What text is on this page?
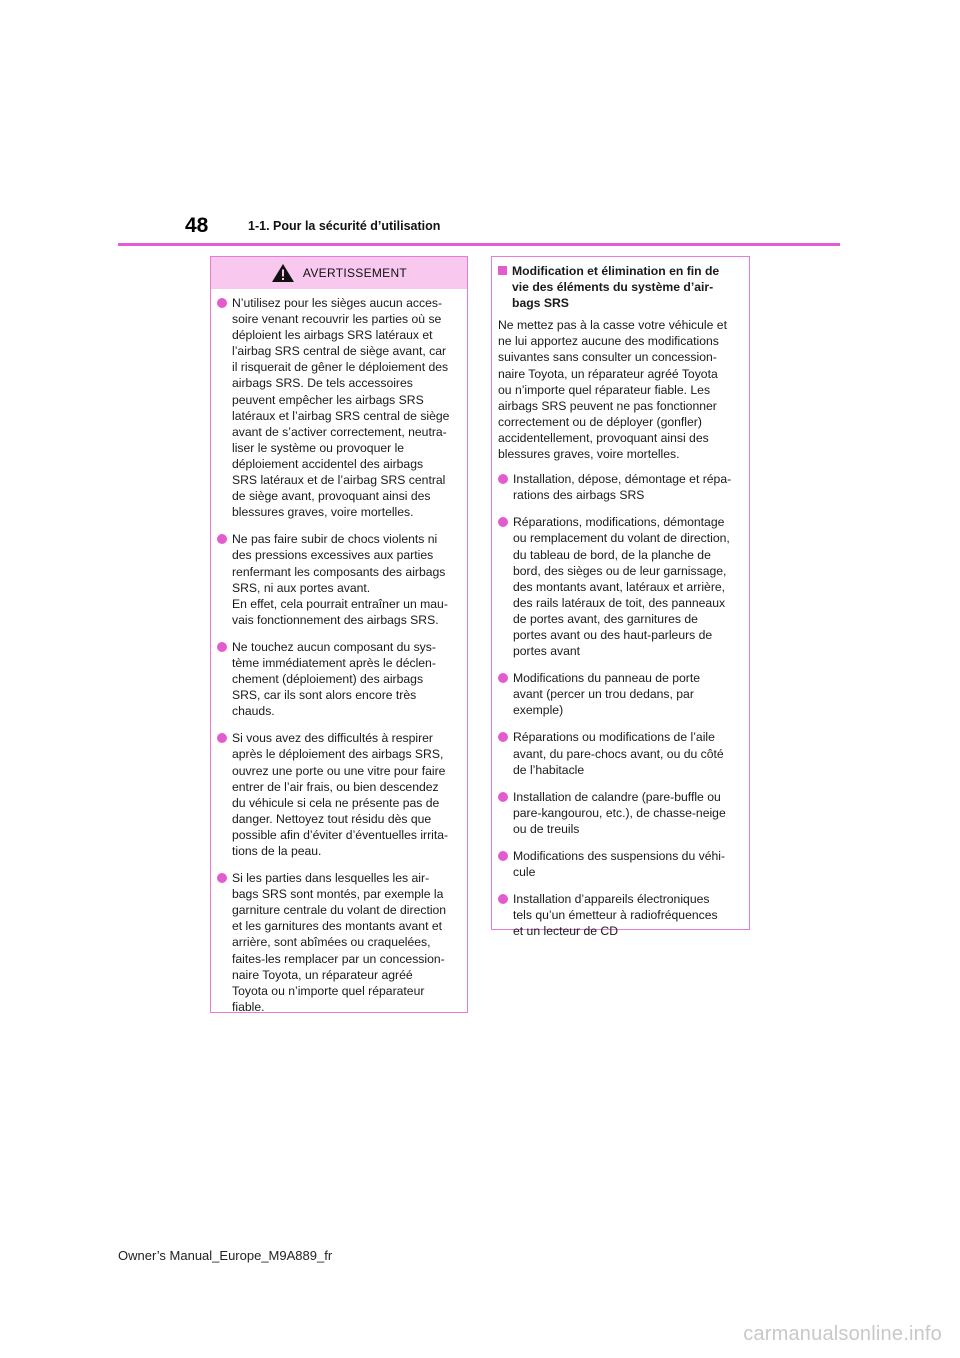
48	1-1. Pour la sécurité d’utilisation
AVERTISSEMENT
N’utilisez pour les sièges aucun acces-
soire venant recouvrir les parties où se
déploient les airbags SRS latéraux et
l’airbag SRS central de siège avant, car
il risquerait de gêner le déploiement des
airbags SRS. De tels accessoires
peuvent empêcher les airbags SRS
latéraux et l’airbag SRS central de siège
avant de s’activer correctement, neutra-
liser le système ou provoquer le
déploiement accidentel des airbags
SRS latéraux et de l’airbag SRS central
de siège avant, provoquant ainsi des
blessures graves, voire mortelles.
Ne pas faire subir de chocs violents ni
des pressions excessives aux parties
renfermant les composants des airbags
SRS, ni aux portes avant.
En effet, cela pourrait entraîner un mau-
vais fonctionnement des airbags SRS.
Ne touchez aucun composant du sys-
tème immédiatement après le déclen-
chement (déploiement) des airbags
SRS, car ils sont alors encore très
chauds.
Si vous avez des difficultés à respirer
après le déploiement des airbags SRS,
ouvrez une porte ou une vitre pour faire
entrer de l’air frais, ou bien descendez
du véhicule si cela ne présente pas de
danger. Nettoyez tout résidu dès que
possible afin d’éviter d’éventuelles irrita-
tions de la peau.
Si les parties dans lesquelles les air-
bags SRS sont montés, par exemple la
garniture centrale du volant de direction
et les garnitures des montants avant et
arrière, sont abîmées ou craquelées,
faites-les remplacer par un concession-
naire Toyota, un réparateur agréé
Toyota ou n’importe quel réparateur
fiable.
Modification et élimination en fin de
vie des éléments du système d’air-
bags SRS
Ne mettez pas à la casse votre véhicule et
ne lui apportez aucune des modifications
suivantes sans consulter un concession-
naire Toyota, un réparateur agréé Toyota
ou n’importe quel réparateur fiable. Les
airbags SRS peuvent ne pas fonctionner
correctement ou de déployer (gonfler)
accidentellement, provoquant ainsi des
blessures graves, voire mortelles.
Installation, dépose, démontage et répa-
rations des airbags SRS
Réparations, modifications, démontage
ou remplacement du volant de direction,
du tableau de bord, de la planche de
bord, des sièges ou de leur garnissage,
des montants avant, latéraux et arrière,
des rails latéraux de toit, des panneaux
de portes avant, des garnitures de
portes avant ou des haut-parleurs de
portes avant
Modifications du panneau de porte
avant (percer un trou dedans, par
exemple)
Réparations ou modifications de l’aile
avant, du pare-chocs avant, ou du côté
de l’habitacle
Installation de calandre (pare-buffle ou
pare-kangourou, etc.), de chasse-neige
ou de treuils
Modifications des suspensions du véhi-
cule
Installation d’appareils électroniques
tels qu’un émetteur à radiofréquences
et un lecteur de CD
Owner’s Manual_Europe_M9A889_fr
carmanualsonline.info
